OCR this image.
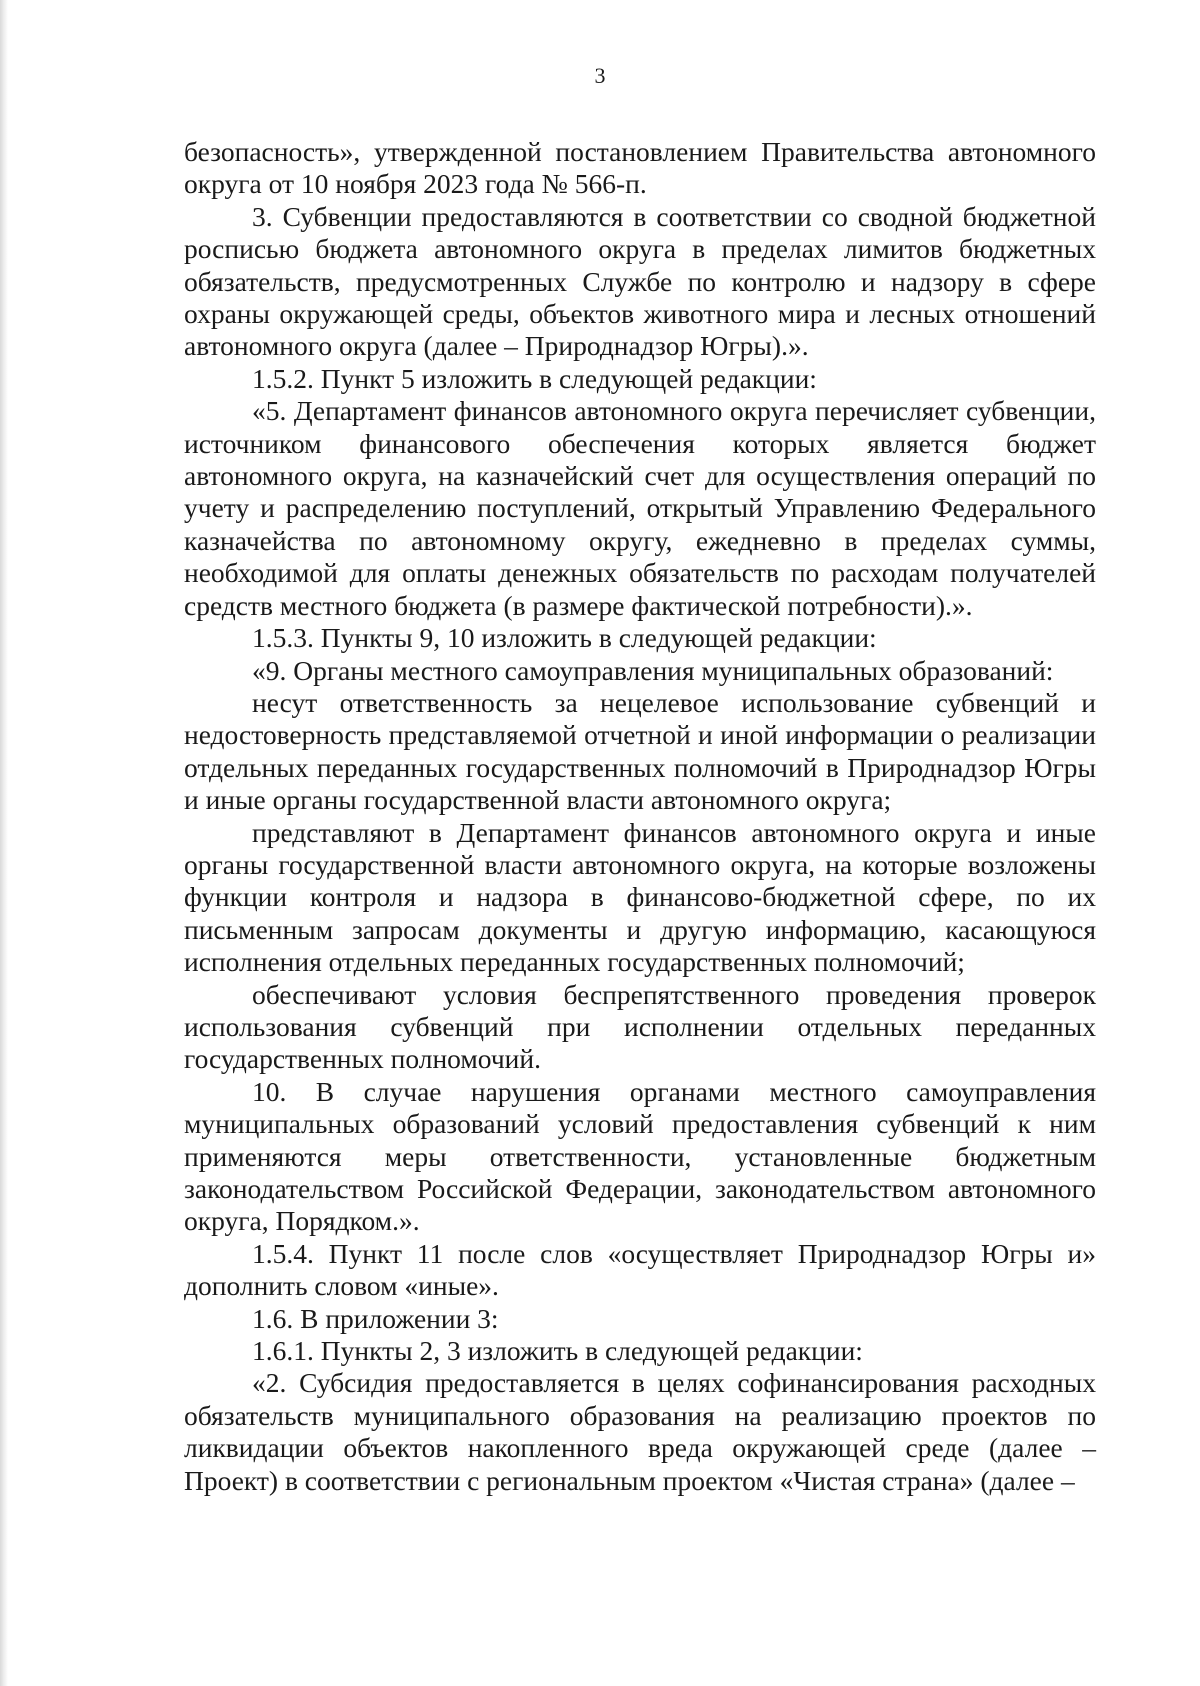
3

безопасность», утвержденной постановлением Правительства автономного округа от 10 ноября 2023 года № 566-п.

3. Субвенции предоставляются в соответствии со сводной бюджетной росписью бюджета автономного округа в пределах лимитов бюджетных обязательств, предусмотренных Службе по контролю и надзору в сфере охраны окружающей среды, объектов животного мира и лесных отношений автономного округа (далее – Природнадзор Югры).».

1.5.2. Пункт 5 изложить в следующей редакции:

«5. Департамент финансов автономного округа перечисляет субвенции, источником финансового обеспечения которых является бюджет автономного округа, на казначейский счет для осуществления операций по учету и распределению поступлений, открытый Управлению Федерального казначейства по автономному округу, ежедневно в пределах суммы, необходимой для оплаты денежных обязательств по расходам получателей средств местного бюджета (в размере фактической потребности).».

1.5.3. Пункты 9, 10 изложить в следующей редакции:

«9. Органы местного самоуправления муниципальных образований:

несут ответственность за нецелевое использование субвенций и недостоверность представляемой отчетной и иной информации о реализации отдельных переданных государственных полномочий в Природнадзор Югры и иные органы государственной власти автономного округа;

представляют в Департамент финансов автономного округа и иные органы государственной власти автономного округа, на которые возложены функции контроля и надзора в финансово-бюджетной сфере, по их письменным запросам документы и другую информацию, касающуюся исполнения отдельных переданных государственных полномочий;

обеспечивают условия беспрепятственного проведения проверок использования субвенций при исполнении отдельных переданных государственных полномочий.

10. В случае нарушения органами местного самоуправления муниципальных образований условий предоставления субвенций к ним применяются меры ответственности, установленные бюджетным законодательством Российской Федерации, законодательством автономного округа, Порядком.».

1.5.4. Пункт 11 после слов «осуществляет Природнадзор Югры и» дополнить словом «иные».

1.6. В приложении 3:

1.6.1. Пункты 2, 3 изложить в следующей редакции:

«2. Субсидия предоставляется в целях софинансирования расходных обязательств муниципального образования на реализацию проектов по ликвидации объектов накопленного вреда окружающей среде (далее – Проект) в соответствии с региональным проектом «Чистая страна» (далее –
